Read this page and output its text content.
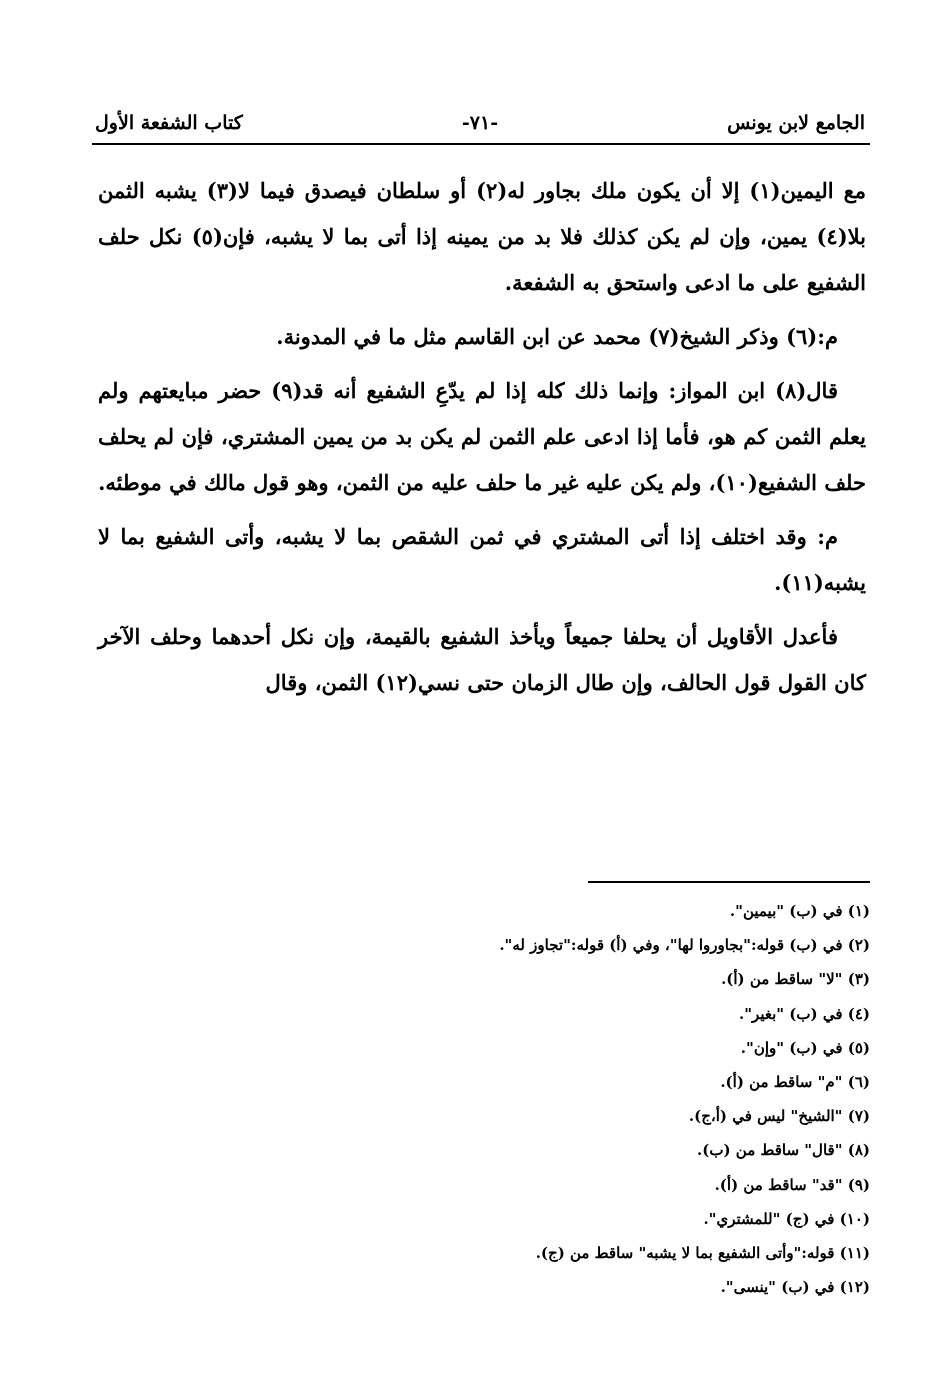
الجامع لابن يونس
-٧١-
كتاب الشفعة الأول

مع اليمين(١) إلا أن يكون ملك بجاور له(٢) أو سلطان فيصدق فيما لا(٣) يشبه الثمن بلا(٤) يمين، وإن لم يكن كذلك فلا بد من يمينه إذا أتى بما لا يشبه، فإن(٥) نكل حلف الشفيع على ما ادعى واستحق به الشفعة.

م:(٦) وذكر الشيخ(٧) محمد عن ابن القاسم مثل ما في المدونة.

قال(٨) ابن المواز: وإنما ذلك كله إذا لم يدّعِ الشفيع أنه قد(٩) حضر مبايعتهم ولم يعلم الثمن كم هو، فأما إذا ادعى علم الثمن لم يكن بد من يمين المشتري، فإن لم يحلف حلف الشفيع(١٠)، ولم يكن عليه غير ما حلف عليه من الثمن، وهو قول مالك في موطئه.

م: وقد اختلف إذا أتى المشتري في ثمن الشقص بما لا يشبه، وأتى الشفيع بما لا يشبه(١١).

فأعدل الأقاويل أن يحلفا جميعاً ويأخذ الشفيع بالقيمة، وإن نكل أحدهما وحلف الآخر كان القول قول الحالف، وإن طال الزمان حتى نسي(١٢) الثمن، وقال

(١) في (ب) "بيمين".
(٢) في (ب) قوله:"بجاوروا لها"، وفي (أ) قوله:"تجاوز له".
(٣) "لا" ساقط من (أ).
(٤) في (ب) "بغير".
(٥) في (ب) "وإن".
(٦) "م" ساقط من (أ).
(٧) "الشيخ" ليس في (أ،ج).
(٨) "قال" ساقط من (ب).
(٩) "قد" ساقط من (أ).
(١٠) في (ج) "للمشتري".
(١١) قوله:"وأتى الشفيع بما لا يشبه" ساقط من (ج).
(١٢) في (ب) "ينسى".
